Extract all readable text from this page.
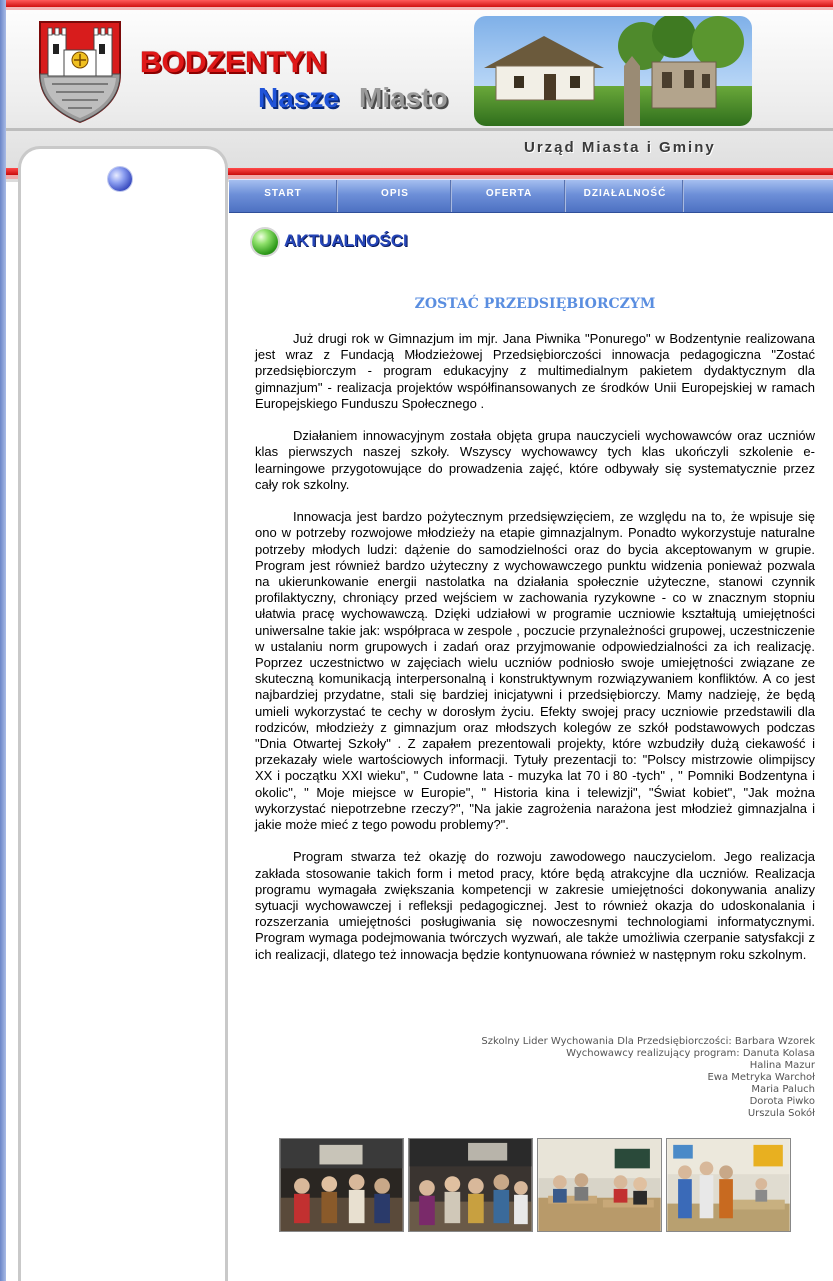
BODZENTYN
Nasze Miasto
Urząd Miasta i Gminy
START	OPIS	OFERTA	DZIAŁALNOŚĆ
AKTUALNOŚCI
ZOSTAĆ PRZEDSIĘBIORCZYM

Już drugi rok w Gimnazjum im mjr. Jana Piwnika "Ponurego" w Bodzentynie realizowana jest wraz z Fundacją Młodzieżowej Przedsiębiorczości innowacja pedagogiczna "Zostać przedsiębiorczym - program edukacyjny z multimedialnym pakietem dydaktycznym dla gimnazjum" - realizacja projektów współfinansowanych ze środków Unii Europejskiej w ramach Europejskiego Funduszu Społecznego .

Działaniem innowacyjnym została objęta grupa nauczycieli wychowawców oraz uczniów klas pierwszych naszej szkoły. Wszyscy wychowawcy tych klas ukończyli szkolenie e- learningowe przygotowujące do prowadzenia zajęć, które odbywały się systematycznie przez cały rok szkolny.

Innowacja jest bardzo pożytecznym przedsięwzięciem, ze względu na to, że wpisuje się ono w potrzeby rozwojowe młodzieży na etapie gimnazjalnym. Ponadto wykorzystuje naturalne potrzeby młodych ludzi: dążenie do samodzielności oraz do bycia akceptowanym w grupie. Program jest również bardzo użyteczny z wychowawczego punktu widzenia ponieważ pozwala na ukierunkowanie energii nastolatka na działania społecznie użyteczne, stanowi czynnik profilaktyczny, chroniący przed wejściem w zachowania ryzykowne - co w znacznym stopniu ułatwia pracę wychowawczą. Dzięki udziałowi w programie uczniowie kształtują umiejętności uniwersalne takie jak: współpraca w zespole , poczucie przynależności grupowej, uczestniczenie w ustalaniu norm grupowych i zadań oraz przyjmowanie odpowiedzialności za ich realizację. Poprzez uczestnictwo w zajęciach wielu uczniów podniosło swoje umiejętności związane ze skuteczną komunikacją interpersonalną i konstruktywnym rozwiązywaniem konfliktów. A co jest najbardziej przydatne, stali się bardziej inicjatywni i przedsiębiorczy. Mamy nadzieję, że będą umieli wykorzystać te cechy w dorosłym życiu. Efekty swojej pracy uczniowie przedstawili dla rodziców, młodzieży z gimnazjum oraz młodszych kolegów ze szkół podstawowych podczas "Dnia Otwartej Szkoły" . Z zapałem prezentowali projekty, które wzbudziły dużą ciekawość i przekazały wiele wartościowych informacji. Tytuły prezentacji to: "Polscy mistrzowie olimpijscy XX i początku XXI wieku", " Cudowne lata - muzyka lat 70 i 80 -tych" , " Pomniki Bodzentyna i okolic", " Moje miejsce w Europie", " Historia kina i telewizji", "Świat kobiet", "Jak można wykorzystać niepotrzebne rzeczy?", "Na jakie zagrożenia narażona jest młodzież gimnazjalna i jakie może mieć z tego powodu problemy?".

Program stwarza też okazję do rozwoju zawodowego nauczycielom. Jego realizacja zakłada stosowanie takich form i metod pracy, które będą atrakcyjne dla uczniów. Realizacja programu wymagała zwiększania kompetencji w zakresie umiejętności dokonywania analizy sytuacji wychowawczej i refleksji pedagogicznej. Jest to również okazja do udoskonalania i rozszerzania umiejętności posługiwania się nowoczesnymi technologiami informatycznymi. Program wymaga podejmowania twórczych wyzwań, ale także umożliwia czerpanie satysfakcji z ich realizacji, dlatego też innowacja będzie kontynuowana również w następnym roku szkolnym.

Szkolny Lider Wychowania Dla Przedsiębiorczości: Barbara Wzorek
Wychowawcy realizujący program: Danuta Kolasa
Halina Mazur
Ewa Metryka Warchoł
Maria Paluch
Dorota Piwko
Urszula Sokół
